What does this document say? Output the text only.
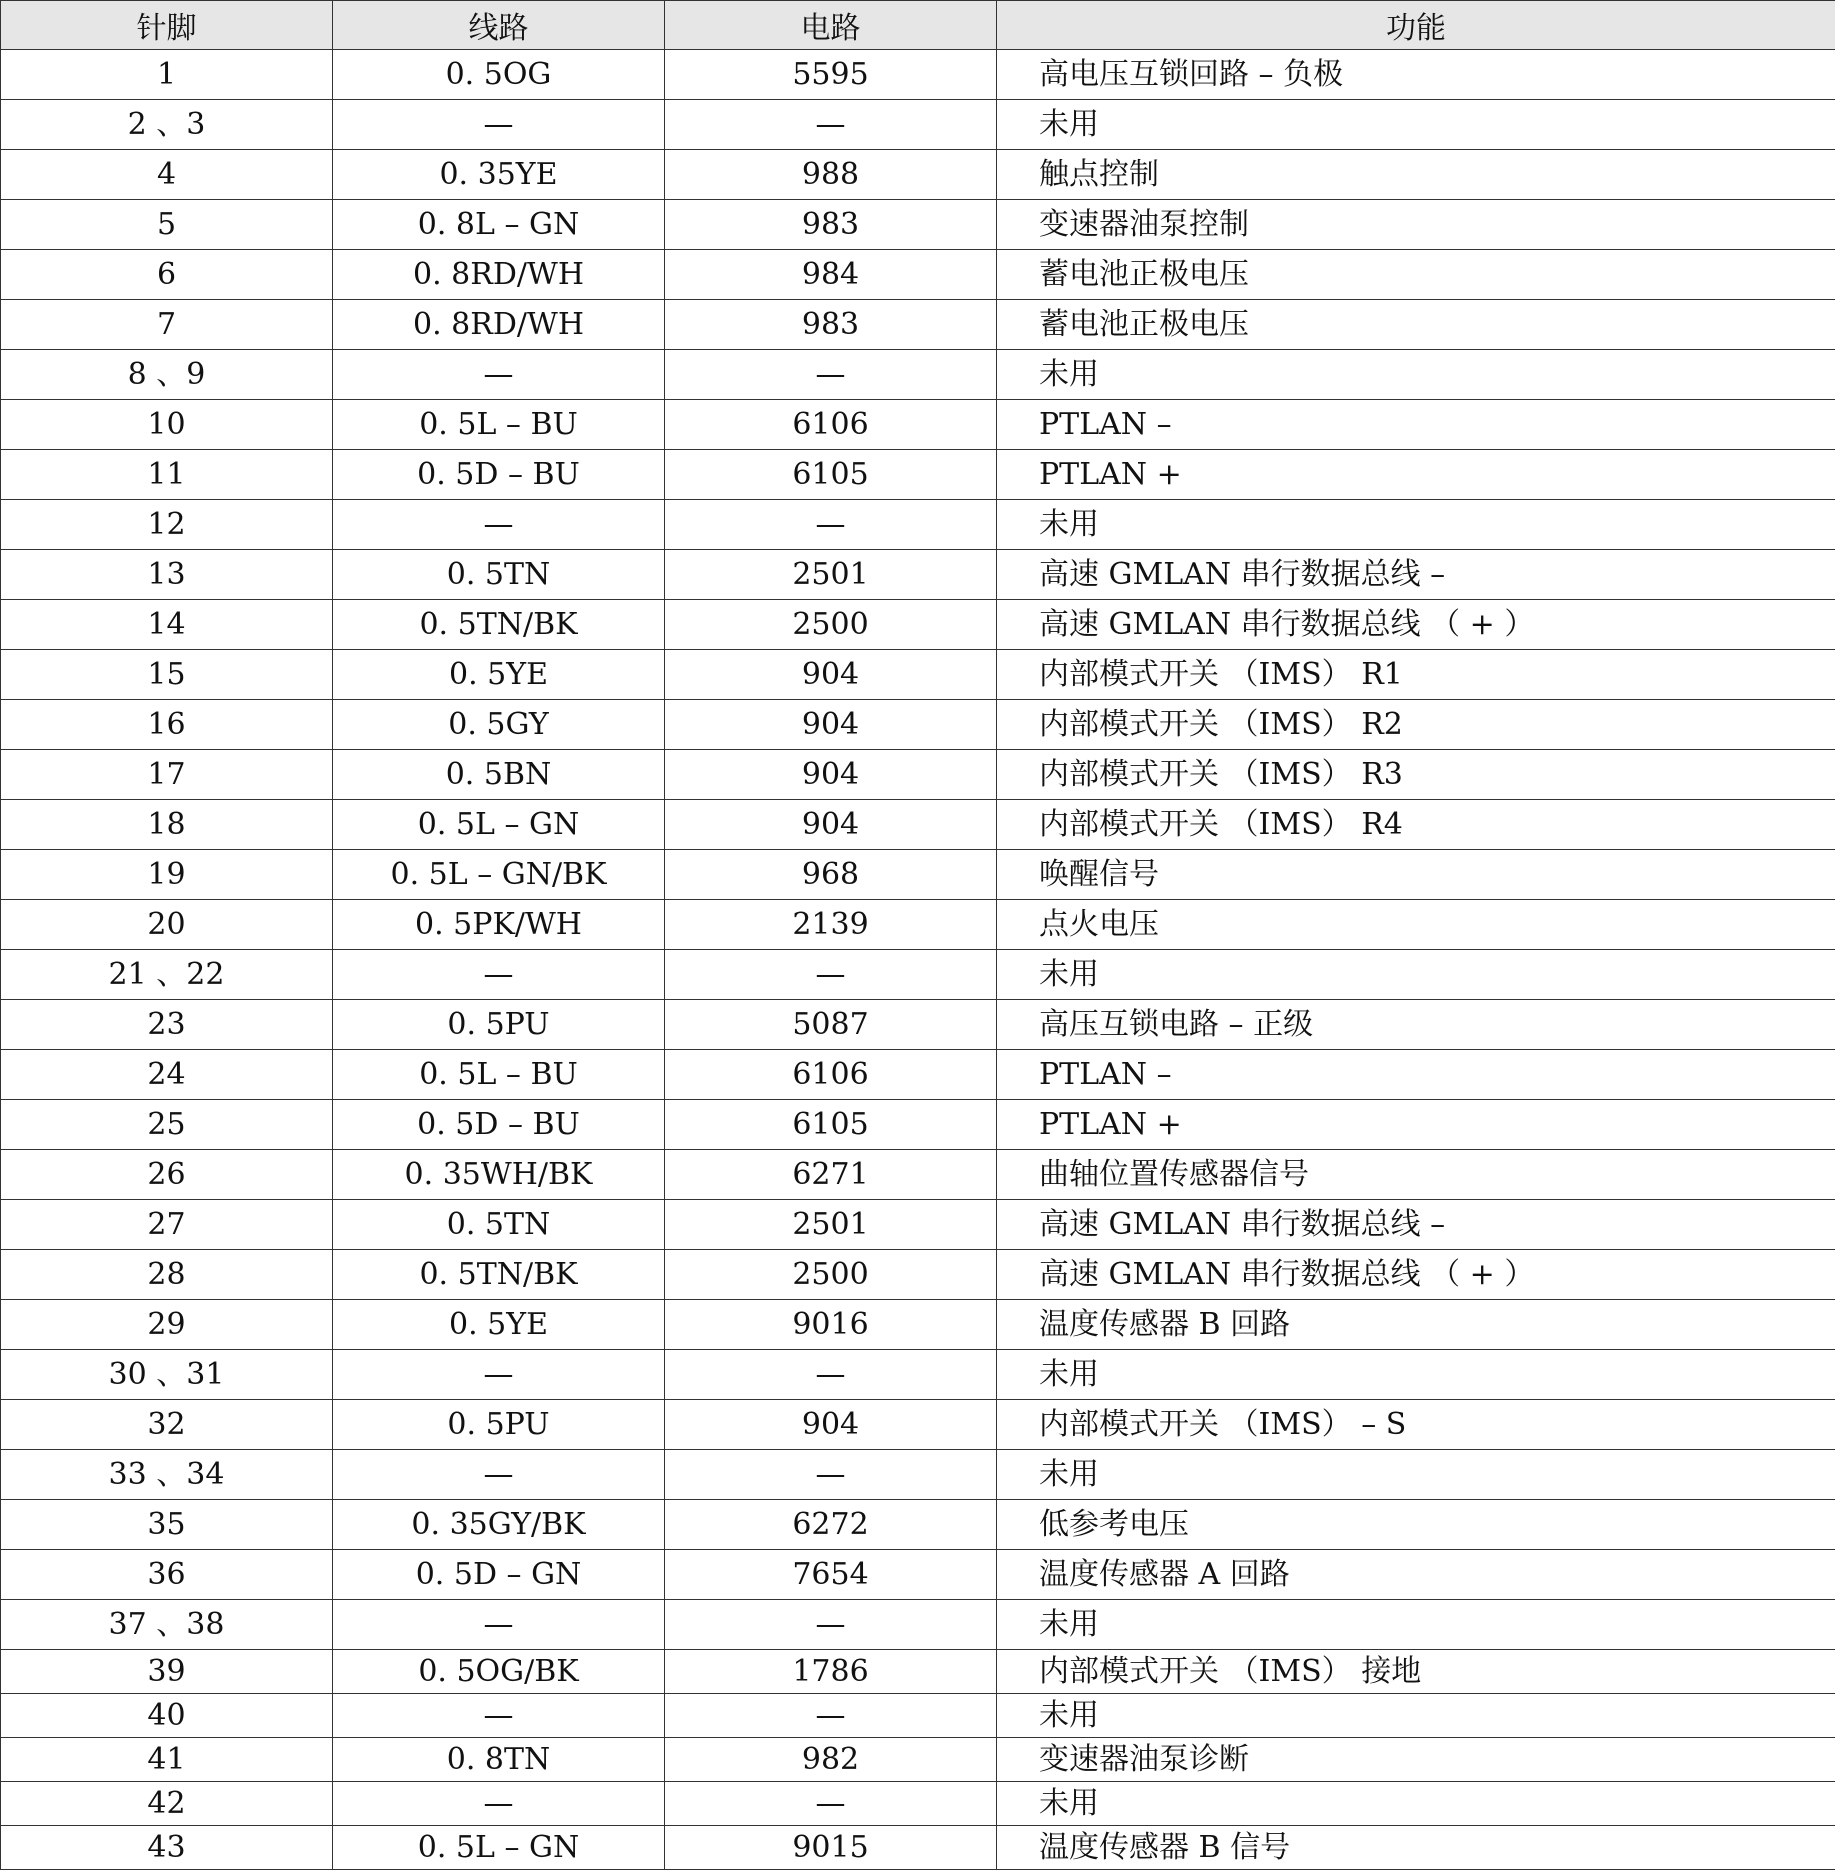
针脚	线路	电路	功能
1	0. 5OG	5595	高电压互锁回路 – 负极
2 、3	—	—	未用
4	0. 35YE	988	触点控制
5	0. 8L – GN	983	变速器油泵控制
6	0. 8RD/WH	984	蓄电池正极电压
7	0. 8RD/WH	983	蓄电池正极电压
8 、9	—	—	未用
10	0. 5L – BU	6106	PTLAN –
11	0. 5D – BU	6105	PTLAN +
12	—	—	未用
13	0. 5TN	2501	高速 GMLAN 串行数据总线 –
14	0. 5TN/BK	2500	高速 GMLAN 串行数据总线 （ + ）
15	0. 5YE	904	内部模式开关 （IMS） R1
16	0. 5GY	904	内部模式开关 （IMS） R2
17	0. 5BN	904	内部模式开关 （IMS） R3
18	0. 5L – GN	904	内部模式开关 （IMS） R4
19	0. 5L – GN/BK	968	唤醒信号
20	0. 5PK/WH	2139	点火电压
21 、22	—	—	未用
23	0. 5PU	5087	高压互锁电路 – 正级
24	0. 5L – BU	6106	PTLAN –
25	0. 5D – BU	6105	PTLAN +
26	0. 35WH/BK	6271	曲轴位置传感器信号
27	0. 5TN	2501	高速 GMLAN 串行数据总线 –
28	0. 5TN/BK	2500	高速 GMLAN 串行数据总线 （ + ）
29	0. 5YE	9016	温度传感器 B 回路
30 、31	—	—	未用
32	0. 5PU	904	内部模式开关 （IMS） – S
33 、34	—	—	未用
35	0. 35GY/BK	6272	低参考电压
36	0. 5D – GN	7654	温度传感器 A 回路
37 、38	—	—	未用
39	0. 5OG/BK	1786	内部模式开关 （IMS） 接地
40	—	—	未用
41	0. 8TN	982	变速器油泵诊断
42	—	—	未用
43	0. 5L – GN	9015	温度传感器 B 信号
